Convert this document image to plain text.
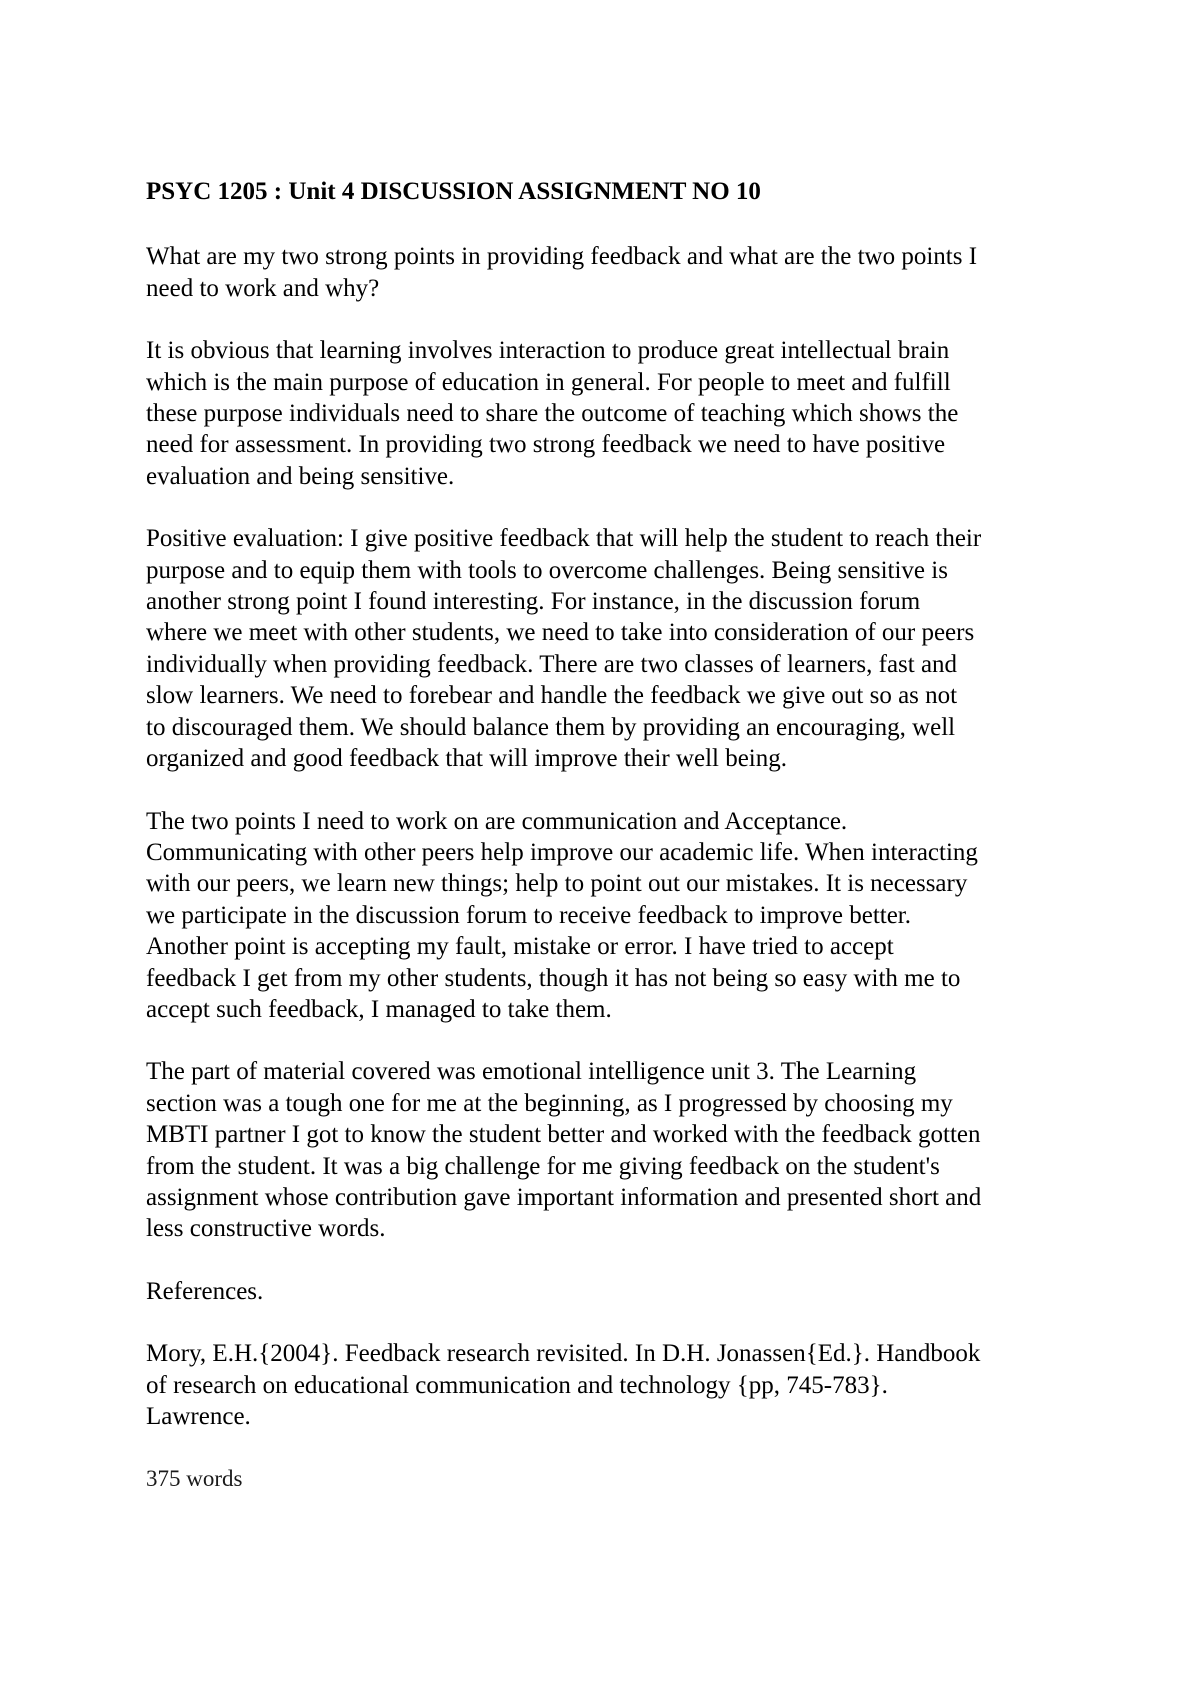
PSYC 1205 : Unit 4 DISCUSSION ASSIGNMENT NO 10
What are my two strong points in providing feedback and what are the two points I
need to work and why?
It is obvious that learning involves interaction to produce great intellectual brain
which is the main purpose of education in general. For people to meet and fulfill
these purpose individuals need to share the outcome of teaching which shows the
need for assessment. In providing two strong feedback we need to have positive
evaluation and being sensitive.
Positive evaluation: I give positive feedback that will help the student to reach their
purpose and to equip them with tools to overcome challenges. Being sensitive is
another strong point I found interesting. For instance, in the discussion forum
where we meet with other students, we need to take into consideration of our peers
individually when providing feedback. There are two classes of learners, fast and
slow learners. We need to forebear and handle the feedback we give out so as not
to discouraged them. We should balance them by providing an encouraging, well
organized and good feedback that will improve their well being.
The two points I need to work on are communication and Acceptance.
Communicating with other peers help improve our academic life. When interacting
with our peers, we learn new things; help to point out our mistakes. It is necessary
we participate in the discussion forum to receive feedback to improve better.
Another point is accepting my fault, mistake or error. I have tried to accept
feedback I get from my other students, though it has not being so easy with me to
accept such feedback, I managed to take them.
The part of material covered was emotional intelligence unit 3. The Learning
section was a tough one for me at the beginning, as I progressed by choosing my
MBTI partner I got to know the student better and worked with the feedback gotten
from the student. It was a big challenge for me giving feedback on the student's
assignment whose contribution gave important information and presented short and
less constructive words.
References.
Mory, E.H.{2004}. Feedback research revisited. In D.H. Jonassen{Ed.}. Handbook
of research on educational communication and technology {pp, 745-783}.
Lawrence.
375 words
